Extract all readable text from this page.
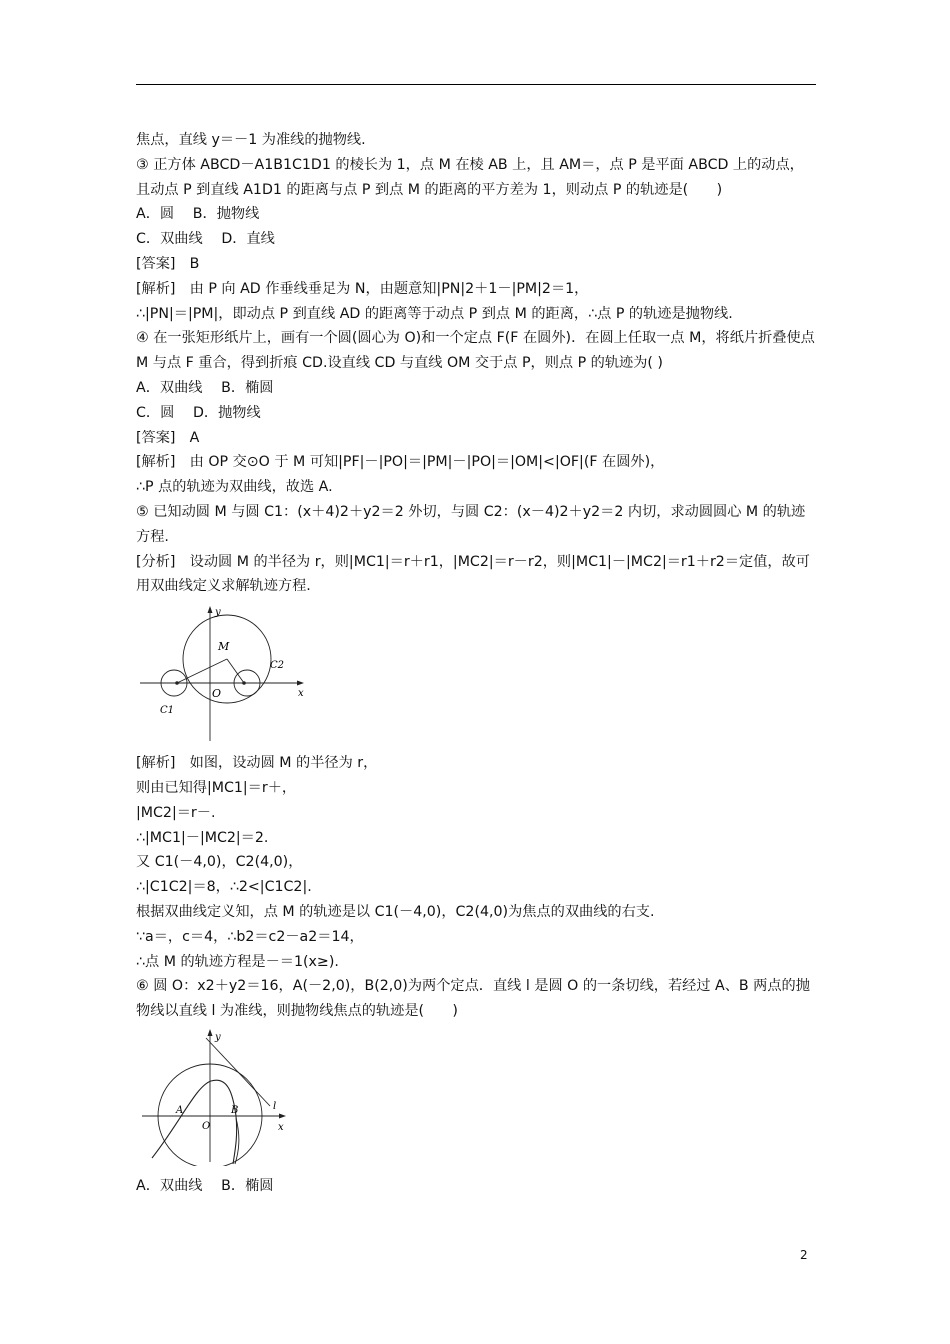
焦点，直线 y＝－1 为准线的抛物线.

③ 正方体 ABCD－A1B1C1D1 的棱长为 1，点 M 在棱 AB 上，且 AM＝，点 P 是平面 ABCD 上的动点，且动点 P 到直线 A1D1 的距离与点 P 到点 M 的距离的平方差为 1，则动点 P 的轨迹是(　　)

A．圆　 B．抛物线

C．双曲线　 D．直线

[答案]　B

[解析]　由 P 向 AD 作垂线垂足为 N，由题意知|PN|2＋1－|PM|2＝1，

∴|PN|＝|PM|，即动点 P 到直线 AD 的距离等于动点 P 到点 M 的距离，∴点 P 的轨迹是抛物线.

④ 在一张矩形纸片上，画有一个圆(圆心为 O)和一个定点 F(F 在圆外)．在圆上任取一点 M，将纸片折叠使点 M 与点 F 重合，得到折痕 CD.设直线 CD 与直线 OM 交于点 P，则点 P 的轨迹为( )

A．双曲线　 B．椭圆

C．圆　 D．抛物线

[答案]　A

[解析]　由 OP 交⊙O 于 M 可知|PF|－|PO|＝|PM|－|PO|＝|OM|<|OF|(F 在圆外)，

∴P 点的轨迹为双曲线，故选 A.

⑤ 已知动圆 M 与圆 C1：(x＋4)2＋y2＝2 外切，与圆 C2：(x－4)2＋y2＝2 内切，求动圆圆心 M 的轨迹方程.

[分析]　设动圆 M 的半径为 r，则|MC1|＝r＋r1，|MC2|＝r－r2，则|MC1|－|MC2|＝r1＋r2＝定值，故可用双曲线定义求解轨迹方程.

y
x
M
O
C1
C2

[解析]　如图，设动圆 M 的半径为 r，

则由已知得|MC1|＝r＋，

|MC2|＝r－.

∴|MC1|－|MC2|＝2.

又 C1(－4,0)，C2(4,0)，

∴|C1C2|＝8，∴2<|C1C2|.

根据双曲线定义知，点 M 的轨迹是以 C1(－4,0)，C2(4,0)为焦点的双曲线的右支.

∵a＝，c＝4，∴b2＝c2－a2＝14，

∴点 M 的轨迹方程是－＝1(x≥).

⑥ 圆 O：x2＋y2＝16，A(－2,0)，B(2,0)为两个定点．直线 l 是圆 O 的一条切线，若经过 A、B 两点的抛物线以直线 l 为准线，则抛物线焦点的轨迹是(　　)

y
x
A	B
O
l

A．双曲线　 B．椭圆

2
